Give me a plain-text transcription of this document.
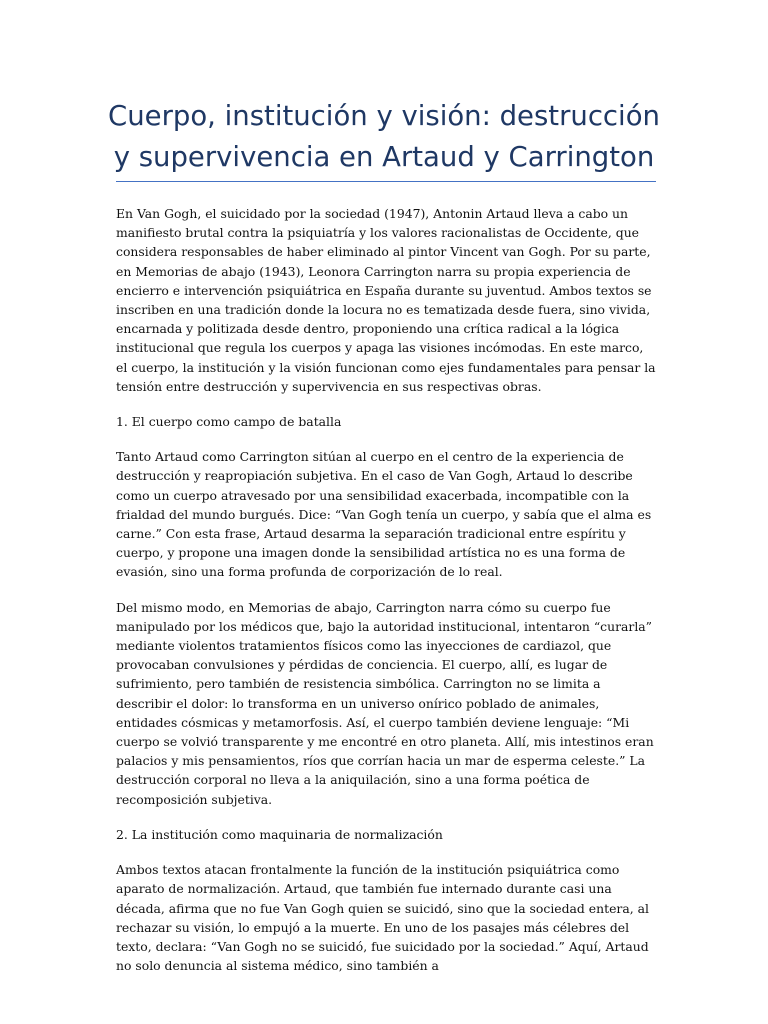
Cuerpo, institución y visión: destrucción
y supervivencia en Artaud y Carrington

En Van Gogh, el suicidado por la sociedad (1947), Antonin Artaud lleva a cabo un manifiesto brutal contra la psiquiatría y los valores racionalistas de Occidente, que considera responsables de haber eliminado al pintor Vincent van Gogh. Por su parte, en Memorias de abajo (1943), Leonora Carrington narra su propia experiencia de encierro e intervención psiquiátrica en España durante su juventud. Ambos textos se inscriben en una tradición donde la locura no es tematizada desde fuera, sino vivida, encarnada y politizada desde dentro, proponiendo una crítica radical a la lógica institucional que regula los cuerpos y apaga las visiones incómodas. En este marco, el cuerpo, la institución y la visión funcionan como ejes fundamentales para pensar la tensión entre destrucción y supervivencia en sus respectivas obras.

1. El cuerpo como campo de batalla

Tanto Artaud como Carrington sitúan al cuerpo en el centro de la experiencia de destrucción y reapropiación subjetiva. En el caso de Van Gogh, Artaud lo describe como un cuerpo atravesado por una sensibilidad exacerbada, incompatible con la frialdad del mundo burgués. Dice: “Van Gogh tenía un cuerpo, y sabía que el alma es carne.” Con esta frase, Artaud desarma la separación tradicional entre espíritu y cuerpo, y propone una imagen donde la sensibilidad artística no es una forma de evasión, sino una forma profunda de corporización de lo real.

Del mismo modo, en Memorias de abajo, Carrington narra cómo su cuerpo fue manipulado por los médicos que, bajo la autoridad institucional, intentaron “curarla” mediante violentos tratamientos físicos como las inyecciones de cardiazol, que provocaban convulsiones y pérdidas de conciencia. El cuerpo, allí, es lugar de sufrimiento, pero también de resistencia simbólica. Carrington no se limita a describir el dolor: lo transforma en un universo onírico poblado de animales, entidades cósmicas y metamorfosis. Así, el cuerpo también deviene lenguaje: “Mi cuerpo se volvió transparente y me encontré en otro planeta. Allí, mis intestinos eran palacios y mis pensamientos, ríos que corrían hacia un mar de esperma celeste.” La destrucción corporal no lleva a la aniquilación, sino a una forma poética de recomposición subjetiva.

2. La institución como maquinaria de normalización

Ambos textos atacan frontalmente la función de la institución psiquiátrica como aparato de normalización. Artaud, que también fue internado durante casi una década, afirma que no fue Van Gogh quien se suicidó, sino que la sociedad entera, al rechazar su visión, lo empujó a la muerte. En uno de los pasajes más célebres del texto, declara: “Van Gogh no se suicidó, fue suicidado por la sociedad.” Aquí, Artaud no solo denuncia al sistema médico, sino también a
